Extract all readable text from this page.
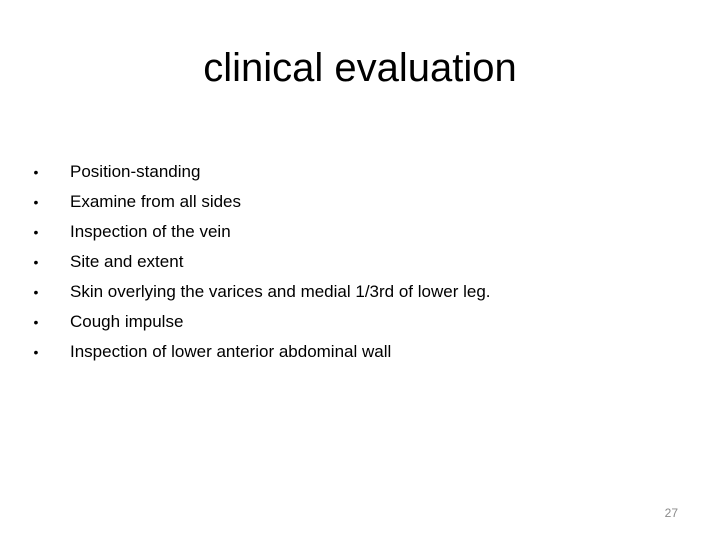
clinical evaluation
• Position-standing
• Examine from all sides
• Inspection of the vein
• Site and extent
• Skin overlying the varices and medial 1/3rd of lower leg.
• Cough impulse
• Inspection of lower anterior abdominal wall
27
